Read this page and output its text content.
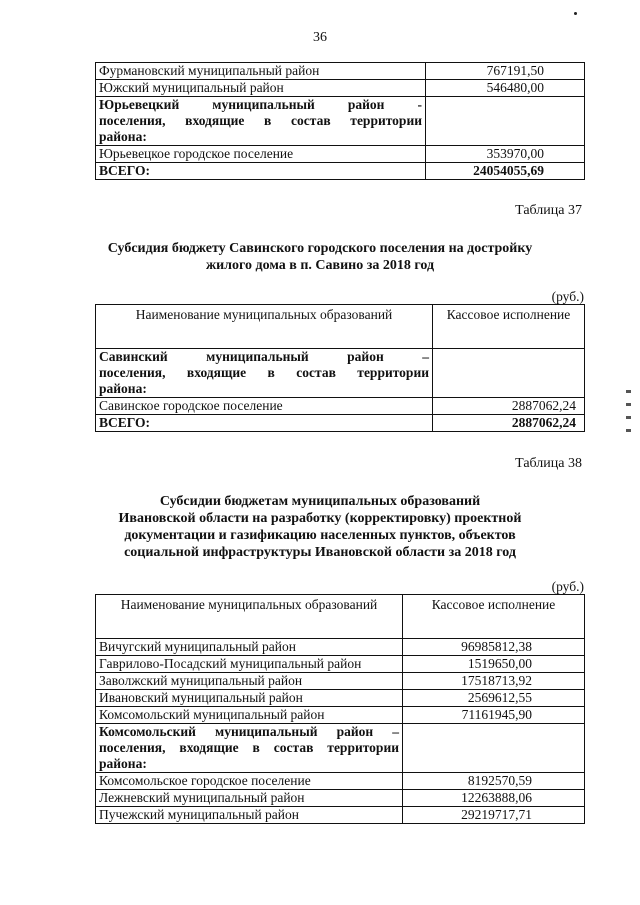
36
Фурмановский муниципальный район	767191,50
Южский муниципальный район	546480,00

Юрьевецкий муниципальный район -
поселения, входящие в состав территории
района:	

Юрьевецкое городское поселение	353970,00
ВСЕГО:	24054055,69
Таблица 37
Субсидия бюджету Савинского городского поселения на достройку
жилого дома в п. Савино за 2018 год
(руб.)
Наименование муниципальных образований	Кассовое исполнение

Савинский муниципальный район –
поселения, входящие в состав территории
района:	

Савинское городское поселение	2887062,24
ВСЕГО:	2887062,24
Таблица 38
Субсидии бюджетам муниципальных образований
Ивановской области на разработку (корректировку) проектной
документации и газификацию населенных пунктов, объектов
социальной инфраструктуры Ивановской области за 2018 год
(руб.)
Наименование муниципальных образований	Кассовое исполнение
Вичугский муниципальный район	96985812,38
Гаврилово-Посадский муниципальный район	1519650,00
Заволжский муниципальный район	17518713,92
Ивановский муниципальный район	2569612,55
Комсомольский муниципальный район	71161945,90

Комсомольский муниципальный район –
поселения, входящие в состав территории
района:	

Комсомольское городское поселение	8192570,59
Лежневский муниципальный район	12263888,06
Пучежский муниципальный район	29219717,71
